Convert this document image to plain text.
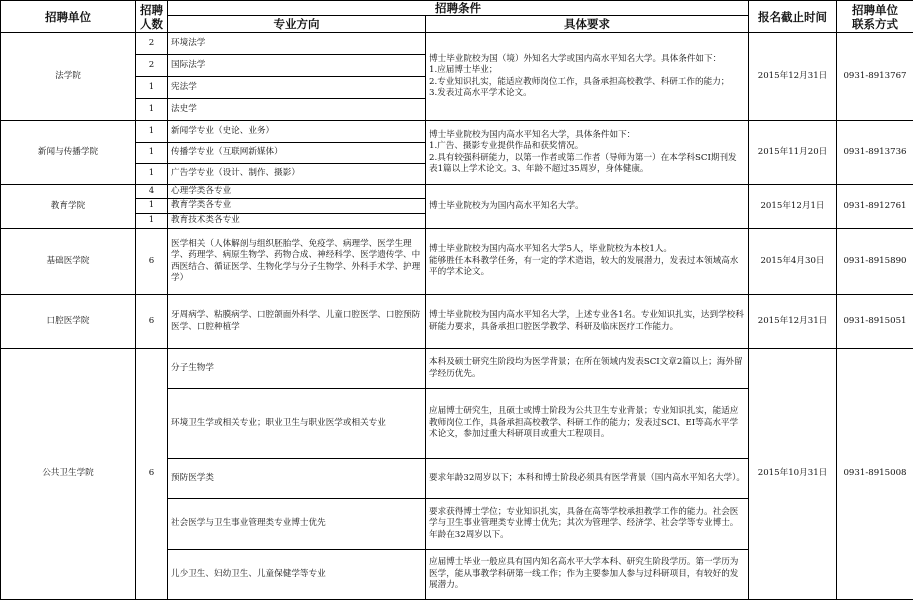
招聘单位	招聘
人数	招聘条件		报名截止时间	招聘单位
联系方式
		专业方向	具体要求		
法学院	2	环境法学	博士毕业院校为国（境）外知名大学或国内高水平知名大学。具体条件如下：
1.应届博士毕业；
2.专业知识扎实，能适应教师岗位工作，具备承担高校教学、科研工作的能力；
3.发表过高水平学术论文。	2015年12月31日	0931-8913767
	2	国际法学			
	1	宪法学			
	1	法史学			
新闻与传播学院	1	新闻学专业（史论、业务）	博士毕业院校为国内高水平知名大学，具体条件如下：
1.广告、摄影专业提供作品和获奖情况。
2.具有较强科研能力，以第一作者或第二作者（导师为第一）在本学科SCI期刊发表1篇以上学术论文。3、年龄不超过35周岁，身体健康。	2015年11月20日	0931-8913736
	1	传播学专业（互联网新媒体）			
	1	广告学专业（设计、制作、摄影）			
教育学院	4	心理学类各专业	博士毕业院校为为国内高水平知名大学。	2015年12月1日	0931-8912761
	1	教育学类各专业			
	1	教育技术类各专业			
基础医学院	6	医学相关（人体解剖与组织胚胎学、免疫学、病理学、医学生理学、药理学、病原生物学、药物合成、神经科学、医学遗传学、中西医结合、循证医学、生物化学与分子生物学、外科手术学、护理学）	博士毕业院校为国内高水平知名大学5人，毕业院校为本校1人。
能够胜任本科教学任务，有一定的学术造诣，较大的发展潜力，发表过本领域高水平的学术论文。	2015年4月30日	0931-8915890
口腔医学院	6	牙周病学、粘膜病学、口腔颌面外科学、儿童口腔医学、口腔预防医学、口腔种植学	博士毕业院校为国内高水平知名大学，上述专业各1名。专业知识扎实，达到学校科研能力要求，具备承担口腔医学教学、科研及临床医疗工作能力。	2015年12月31日	0931-8915051
公共卫生学院	6	分子生物学	本科及硕士研究生阶段均为医学背景；在所在领域内发表SCI文章2篇以上；海外留学经历优先。	2015年10月31日	0931-8915008
		环境卫生学或相关专业；职业卫生与职业医学或相关专业	应届博士研究生，且硕士或博士阶段为公共卫生专业背景；专业知识扎实，能适应教师岗位工作，具备承担高校教学、科研工作的能力；发表过SCI、EI等高水平学术论文，参加过重大科研项目或重大工程项目。		
		预防医学类	要求年龄32周岁以下；本科和博士阶段必须具有医学背景（国内高水平知名大学）。		
		社会医学与卫生事业管理类专业博士优先	要求获得博士学位；专业知识扎实，具备在高等学校承担教学工作的能力。社会医学与卫生事业管理类专业博士优先；其次为管理学、经济学、社会学等专业博士。年龄在32周岁以下。		
		儿少卫生、妇幼卫生、儿童保健学等专业	应届博士毕业一般应具有国内知名高水平大学本科、研究生阶段学历。第一学历为医学，能从事教学科研第一线工作；作为主要参加人参与过科研项目，有较好的发展潜力。		
